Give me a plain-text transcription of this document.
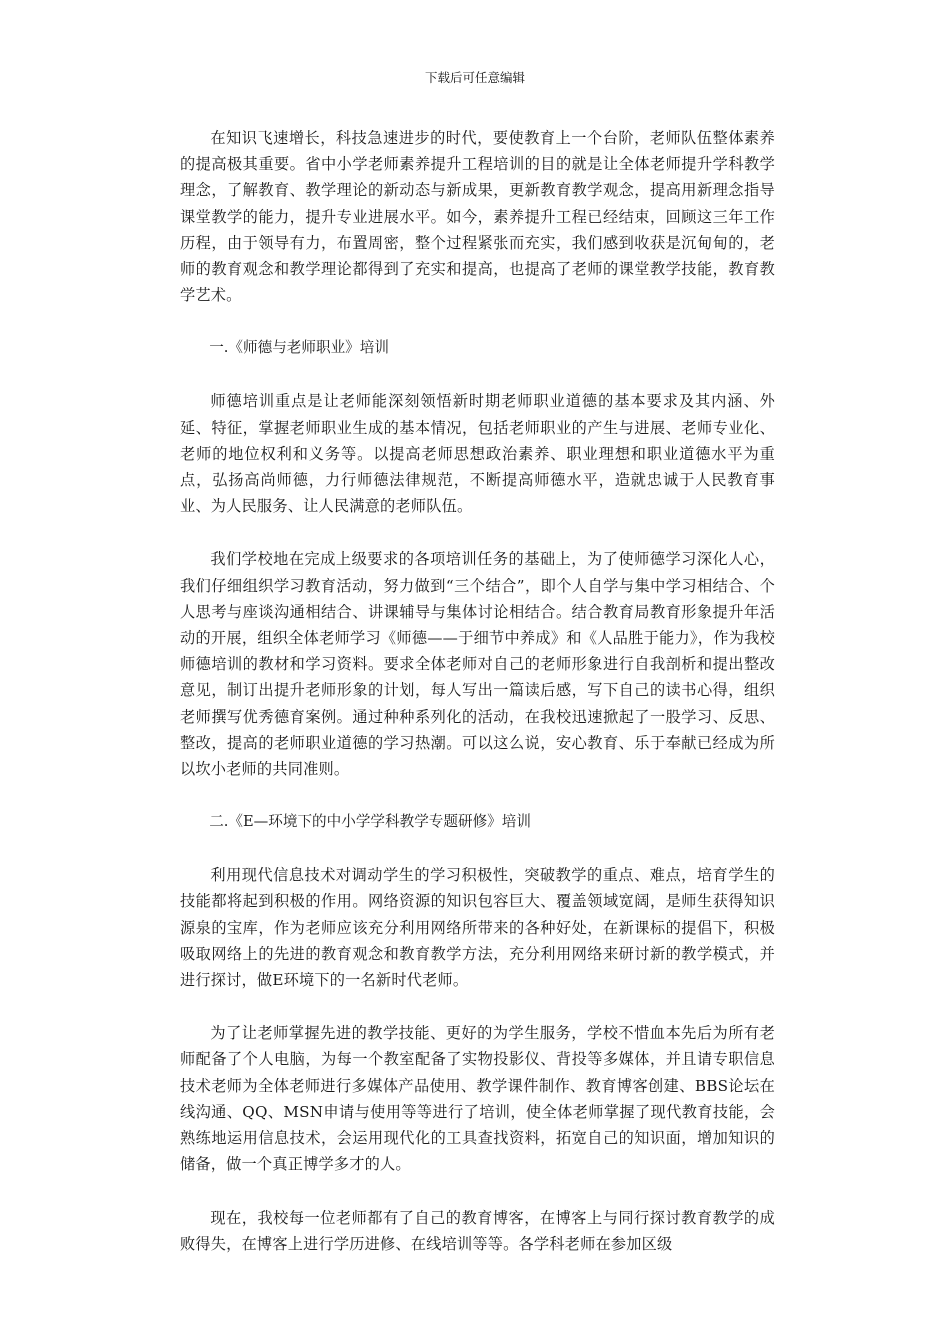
下载后可任意编辑

在知识飞速增长，科技急速进步的时代，要使教育上一个台阶，老师队伍整体素养的提高极其重要。省中小学老师素养提升工程培训的目的就是让全体老师提升学科教学理念，了解教育、教学理论的新动态与新成果，更新教育教学观念，提高用新理念指导课堂教学的能力，提升专业进展水平。如今，素养提升工程已经结束，回顾这三年工作历程，由于领导有力，布置周密，整个过程紧张而充实，我们感到收获是沉甸甸的，老师的教育观念和教学理论都得到了充实和提高，也提高了老师的课堂教学技能，教育教学艺术。

一.《师德与老师职业》培训

师德培训重点是让老师能深刻领悟新时期老师职业道德的基本要求及其内涵、外延、特征，掌握老师职业生成的基本情况，包括老师职业的产生与进展、老师专业化、老师的地位权利和义务等。以提高老师思想政治素养、职业理想和职业道德水平为重点，弘扬高尚师德，力行师德法律规范，不断提高师德水平，造就忠诚于人民教育事业、为人民服务、让人民满意的老师队伍。

我们学校地在完成上级要求的各项培训任务的基础上，为了使师德学习深化人心，我们仔细组织学习教育活动，努力做到“三个结合”，即个人自学与集中学习相结合、个人思考与座谈沟通相结合、讲课辅导与集体讨论相结合。结合教育局教育形象提升年活动的开展，组织全体老师学习《师德——于细节中养成》和《人品胜于能力》，作为我校师德培训的教材和学习资料。要求全体老师对自己的老师形象进行自我剖析和提出整改意见，制订出提升老师形象的计划，每人写出一篇读后感，写下自己的读书心得，组织老师撰写优秀德育案例。通过种种系列化的活动，在我校迅速掀起了一股学习、反思、整改，提高的老师职业道德的学习热潮。可以这么说，安心教育、乐于奉献已经成为所以坎小老师的共同准则。

二.《E—环境下的中小学学科教学专题研修》培训

利用现代信息技术对调动学生的学习积极性，突破教学的重点、难点，培育学生的技能都将起到积极的作用。网络资源的知识包容巨大、覆盖领域宽阔，是师生获得知识源泉的宝库，作为老师应该充分利用网络所带来的各种好处，在新课标的提倡下，积极吸取网络上的先进的教育观念和教育教学方法，充分利用网络来研讨新的教学模式，并进行探讨，做E环境下的一名新时代老师。

为了让老师掌握先进的教学技能、更好的为学生服务，学校不惜血本先后为所有老师配备了个人电脑，为每一个教室配备了实物投影仪、背投等多媒体，并且请专职信息技术老师为全体老师进行多媒体产品使用、教学课件制作、教育博客创建、BBS论坛在线沟通、QQ、MSN申请与使用等等进行了培训，使全体老师掌握了现代教育技能，会熟练地运用信息技术，会运用现代化的工具查找资料，拓宽自己的知识面，增加知识的储备，做一个真正博学多才的人。

现在，我校每一位老师都有了自己的教育博客，在博客上与同行探讨教育教学的成败得失，在博客上进行学历进修、在线培训等等。各学科老师在参加区级
